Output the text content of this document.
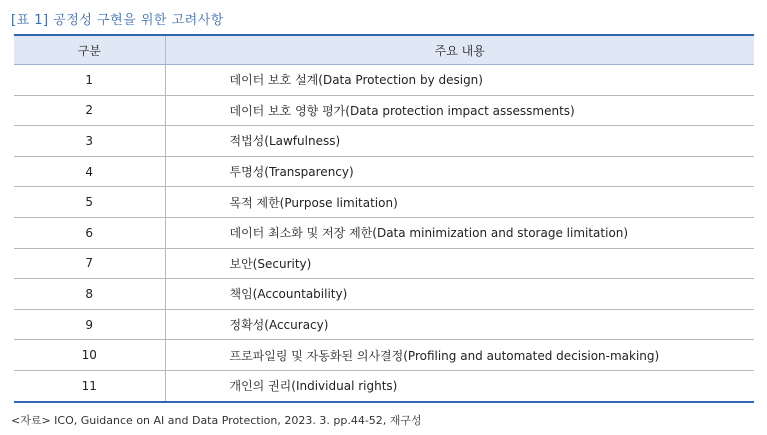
[표 1] 공정성 구현을 위한 고려사항
구분	주요 내용
1	데이터 보호 설계(Data Protection by design)
2	데이터 보호 영향 평가(Data protection impact assessments)
3	적법성(Lawfulness)
4	투명성(Transparency)
5	목적 제한(Purpose limitation)
6	데이터 최소화 및 저장 제한(Data minimization and storage limitation)
7	보안(Security)
8	책임(Accountability)
9	정확성(Accuracy)
10	프로파일링 및 자동화된 의사결정(Profiling and automated decision-making)
11	개인의 권리(Individual rights)
<자료> ICO, Guidance on AI and Data Protection, 2023. 3. pp.44-52, 재구성
